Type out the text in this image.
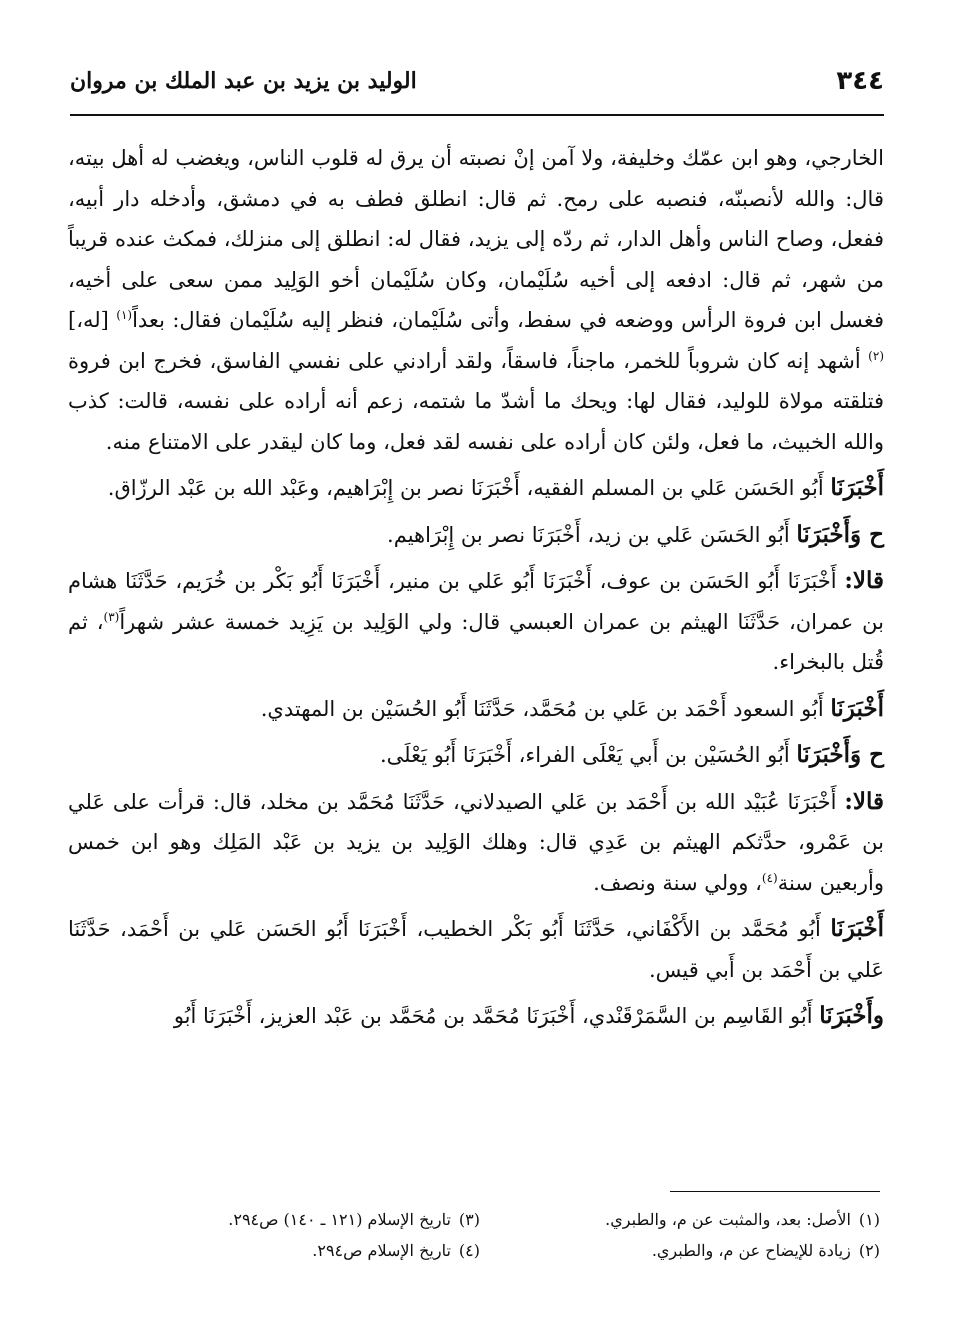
٣٤٤
الوليد بن يزيد بن عبد الملك بن مروان

الخارجي، وهو ابن عمّك وخليفة، ولا آمن إنْ نصبته أن يرق له قلوب الناس، ويغضب له أهل بيته، قال: والله لأنصبنّه، فنصبه على رمح. ثم قال: انطلق فطف به في دمشق، وأدخله دار أبيه، ففعل، وصاح الناس وأهل الدار، ثم ردّه إلى يزيد، فقال له: انطلق إلى منزلك، فمكث عنده قريباً من شهر، ثم قال: ادفعه إلى أخيه سُلَيْمان، وكان سُلَيْمان أخو الوَلِيد ممن سعى على أخيه، فغسل ابن فروة الرأس ووضعه في سفط، وأتى سُلَيْمان، فنظر إليه سُلَيْمان فقال: بعداً$^{(١)}$ [له،]$^{(٢)}$ أشهد إنه كان شروباً للخمر، ماجناً، فاسقاً، ولقد أرادني على نفسي الفاسق، فخرج ابن فروة فتلقته مولاة للوليد، فقال لها: ويحك ما أشدّ ما شتمه، زعم أنه أراده على نفسه، قالت: كذب والله الخبيث، ما فعل، ولئن كان أراده على نفسه لقد فعل، وما كان ليقدر على الامتناع منه.

أَخْبَرَنَا أَبُو الحَسَن عَلي بن المسلم الفقيه، أَخْبَرَنَا نصر بن إِبْرَاهيم، وعَبْد الله بن عَبْد الرزّاق.

ح وَأَخْبَرَنَا أَبُو الحَسَن عَلي بن زيد، أَخْبَرَنَا نصر بن إِبْرَاهيم.

قالا: أَخْبَرَنَا أَبُو الحَسَن بن عوف، أَخْبَرَنَا أَبُو عَلي بن منير، أَخْبَرَنَا أَبُو بَكْر بن خُرَيم، حَدَّثَنَا هشام بن عمران، حَدَّثَنَا الهيثم بن عمران العبسي قال: ولي الوَلِيد بن يَزِيد خمسة عشر شهراً$^{(٣)}$، ثم قُتل بالبخراء.

أَخْبَرَنَا أَبُو السعود أَحْمَد بن عَلي بن مُحَمَّد، حَدَّثَنَا أَبُو الحُسَيْن بن المهتدي.

ح وَأَخْبَرَنَا أَبُو الحُسَيْن بن أَبي يَعْلَى الفراء، أَخْبَرَنَا أَبُو يَعْلَى.

قالا: أَخْبَرَنَا عُبَيْد الله بن أَحْمَد بن عَلي الصيدلاني، حَدَّثَنَا مُحَمَّد بن مخلد، قال: قرأت على عَلي بن عَمْرو، حدَّثكم الهيثم بن عَدِي قال: وهلك الوَلِيد بن يزيد بن عَبْد المَلِك وهو ابن خمس وأربعين سنة$^{(٤)}$، وولي سنة ونصف.

أَخْبَرَنَا أَبُو مُحَمَّد بن الأَكْفَاني، حَدَّثَنَا أَبُو بَكْر الخطيب، أَخْبَرَنَا أَبُو الحَسَن عَلي بن أَحْمَد، حَدَّثَنَا عَلي بن أَحْمَد بن أَبي قيس.

وأَخْبَرَنَا أَبُو القَاسِم بن السَّمَرْقَنْدي، أَخْبَرَنَا مُحَمَّد بن مُحَمَّد بن عَبْد العزيز، أَخْبَرَنَا أَبُو

(١)الأصل: بعد، والمثبت عن م، والطبري.
(٢)زيادة للإيضاح عن م، والطبري.
(٣)تاريخ الإسلام (١٢١ ـ ١٤٠) ص٢٩٤.
(٤)تاريخ الإسلام ص٢٩٤.
